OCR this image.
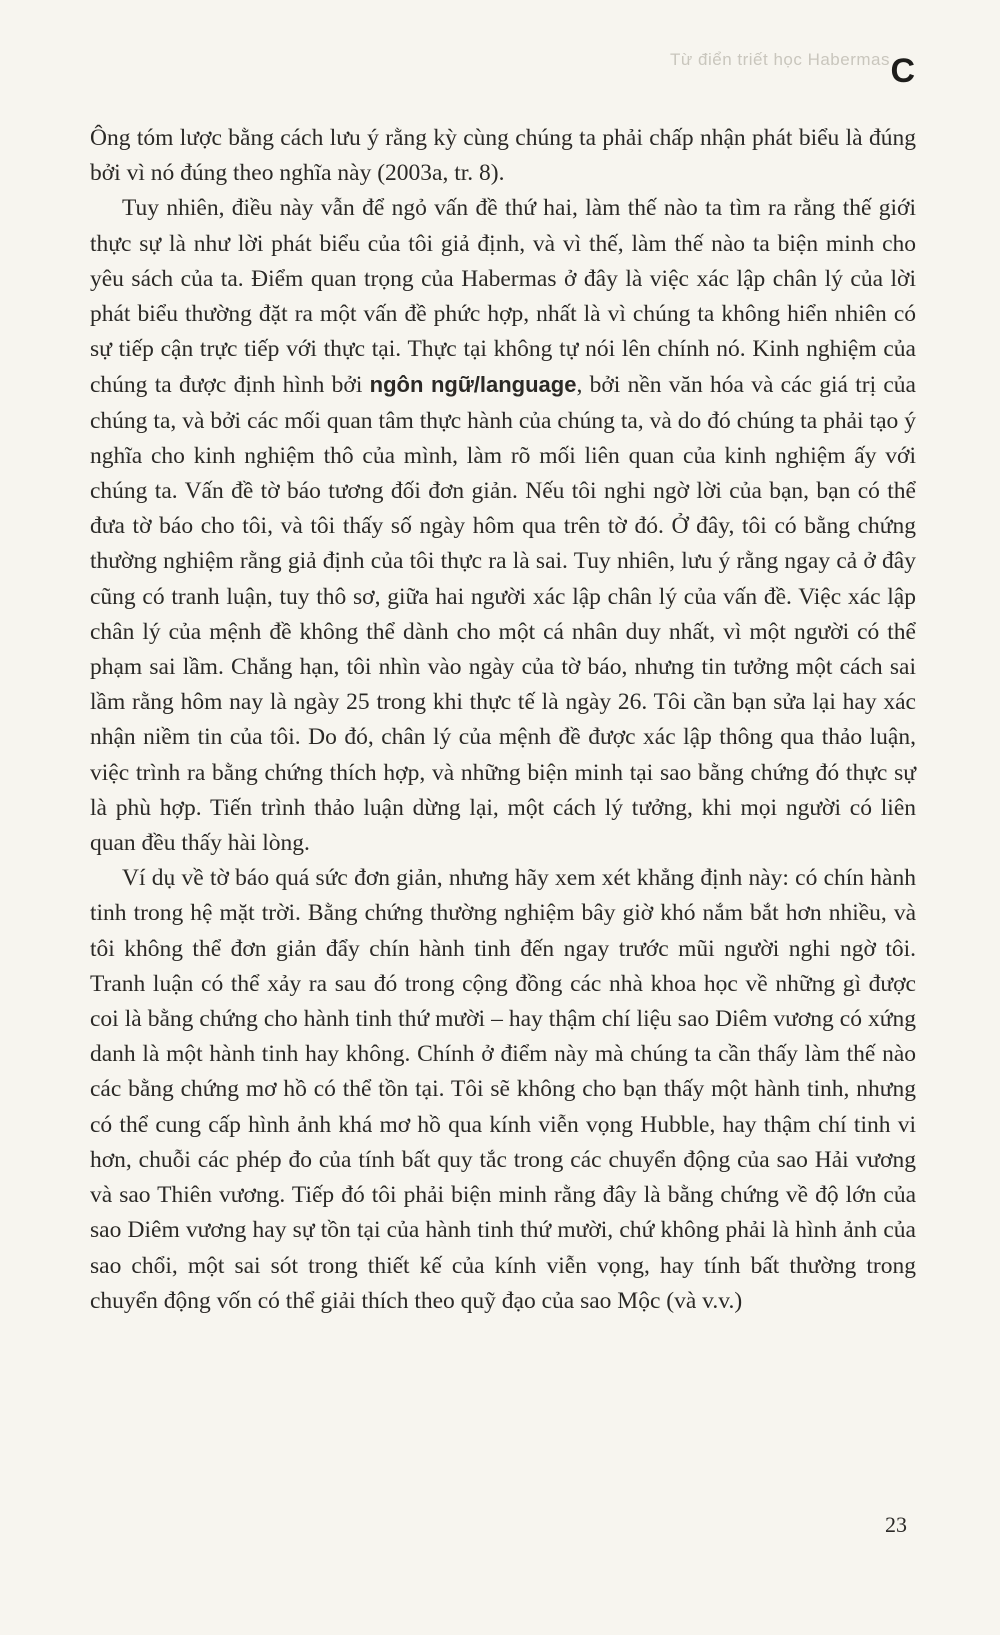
Từ điển triết học Habermas C

Ông tóm lược bằng cách lưu ý rằng kỳ cùng chúng ta phải chấp nhận phát biểu là đúng bởi vì nó đúng theo nghĩa này (2003a, tr. 8).

Tuy nhiên, điều này vẫn để ngỏ vấn đề thứ hai, làm thế nào ta tìm ra rằng thế giới thực sự là như lời phát biểu của tôi giả định, và vì thế, làm thế nào ta biện minh cho yêu sách của ta. Điểm quan trọng của Habermas ở đây là việc xác lập chân lý của lời phát biểu thường đặt ra một vấn đề phức hợp, nhất là vì chúng ta không hiển nhiên có sự tiếp cận trực tiếp với thực tại. Thực tại không tự nói lên chính nó. Kinh nghiệm của chúng ta được định hình bởi ngôn ngữ/language, bởi nền văn hóa và các giá trị của chúng ta, và bởi các mối quan tâm thực hành của chúng ta, và do đó chúng ta phải tạo ý nghĩa cho kinh nghiệm thô của mình, làm rõ mối liên quan của kinh nghiệm ấy với chúng ta. Vấn đề tờ báo tương đối đơn giản. Nếu tôi nghi ngờ lời của bạn, bạn có thể đưa tờ báo cho tôi, và tôi thấy số ngày hôm qua trên tờ đó. Ở đây, tôi có bằng chứng thường nghiệm rằng giả định của tôi thực ra là sai. Tuy nhiên, lưu ý rằng ngay cả ở đây cũng có tranh luận, tuy thô sơ, giữa hai người xác lập chân lý của vấn đề. Việc xác lập chân lý của mệnh đề không thể dành cho một cá nhân duy nhất, vì một người có thể phạm sai lầm. Chẳng hạn, tôi nhìn vào ngày của tờ báo, nhưng tin tưởng một cách sai lầm rằng hôm nay là ngày 25 trong khi thực tế là ngày 26. Tôi cần bạn sửa lại hay xác nhận niềm tin của tôi. Do đó, chân lý của mệnh đề được xác lập thông qua thảo luận, việc trình ra bằng chứng thích hợp, và những biện minh tại sao bằng chứng đó thực sự là phù hợp. Tiến trình thảo luận dừng lại, một cách lý tưởng, khi mọi người có liên quan đều thấy hài lòng.

Ví dụ về tờ báo quá sức đơn giản, nhưng hãy xem xét khẳng định này: có chín hành tinh trong hệ mặt trời. Bằng chứng thường nghiệm bây giờ khó nắm bắt hơn nhiều, và tôi không thể đơn giản đẩy chín hành tinh đến ngay trước mũi người nghi ngờ tôi. Tranh luận có thể xảy ra sau đó trong cộng đồng các nhà khoa học về những gì được coi là bằng chứng cho hành tinh thứ mười – hay thậm chí liệu sao Diêm vương có xứng danh là một hành tinh hay không. Chính ở điểm này mà chúng ta cần thấy làm thế nào các bằng chứng mơ hồ có thể tồn tại. Tôi sẽ không cho bạn thấy một hành tinh, nhưng có thể cung cấp hình ảnh khá mơ hồ qua kính viễn vọng Hubble, hay thậm chí tinh vi hơn, chuỗi các phép đo của tính bất quy tắc trong các chuyển động của sao Hải vương và sao Thiên vương. Tiếp đó tôi phải biện minh rằng đây là bằng chứng về độ lớn của sao Diêm vương hay sự tồn tại của hành tinh thứ mười, chứ không phải là hình ảnh của sao chổi, một sai sót trong thiết kế của kính viễn vọng, hay tính bất thường trong chuyển động vốn có thể giải thích theo quỹ đạo của sao Mộc (và v.v.)

23
